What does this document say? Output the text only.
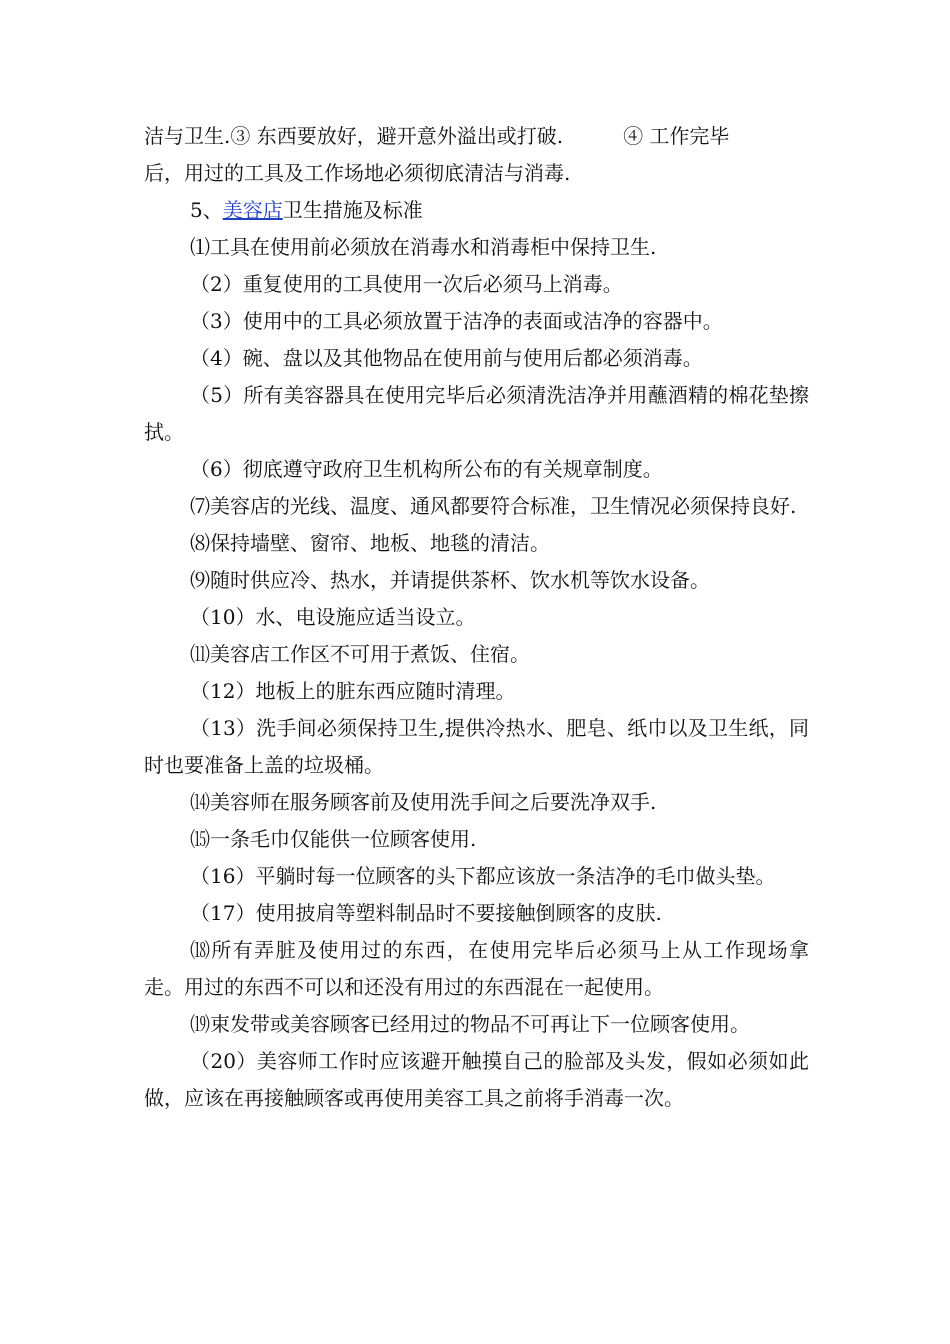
洁与卫生.③ 东西要放好，避开意外溢出或打破.	④ 工作完毕
后，用过的工具及工作场地必须彻底清洁与消毒.

5、美容店卫生措施及标准

⑴工具在使用前必须放在消毒水和消毒柜中保持卫生.

（2）重复使用的工具使用一次后必须马上消毒。

（3）使用中的工具必须放置于洁净的表面或洁净的容器中。

（4）碗、盘以及其他物品在使用前与使用后都必须消毒。

（5）所有美容器具在使用完毕后必须清洗洁净并用蘸酒精的棉花垫擦拭。

（6）彻底遵守政府卫生机构所公布的有关规章制度。

⑺美容店的光线、温度、通风都要符合标准，卫生情况必须保持良好.

⑻保持墙壁、窗帘、地板、地毯的清洁。

⑼随时供应冷、热水，并请提供茶杯、饮水机等饮水设备。

（10）水、电设施应适当设立。

⑾美容店工作区不可用于煮饭、住宿。

（12）地板上的脏东西应随时清理。

（13）洗手间必须保持卫生,提供冷热水、肥皂、纸巾以及卫生纸，同时也要准备上盖的垃圾桶。

⒁美容师在服务顾客前及使用洗手间之后要洗净双手.

⒂一条毛巾仅能供一位顾客使用.

（16）平躺时每一位顾客的头下都应该放一条洁净的毛巾做头垫。

（17）使用披肩等塑料制品时不要接触倒顾客的皮肤.

⒅所有弄脏及使用过的东西，在使用完毕后必须马上从工作现场拿走。用过的东西不可以和还没有用过的东西混在一起使用。

⒆束发带或美容顾客已经用过的物品不可再让下一位顾客使用。

（20）美容师工作时应该避开触摸自己的脸部及头发，假如必须如此做，应该在再接触顾客或再使用美容工具之前将手消毒一次。
